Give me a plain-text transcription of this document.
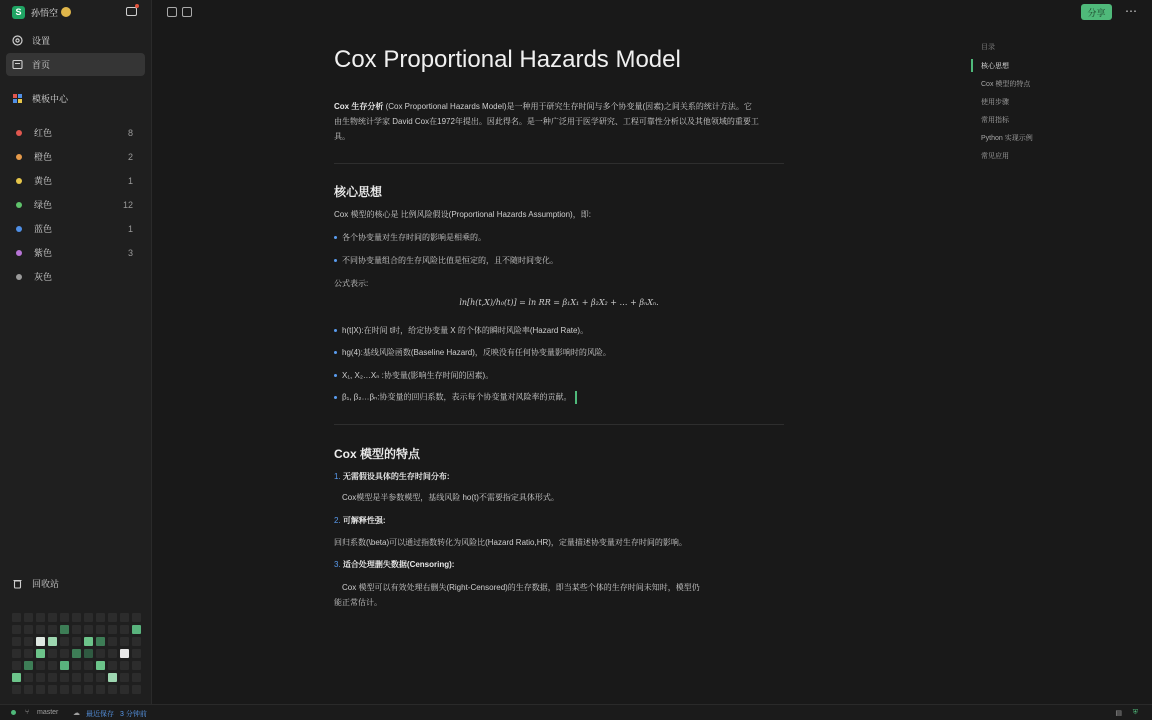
S	孙悟空
设置
首页
模板中心
红色	8
橙色	2
黄色	1
绿色	12
蓝色	1
紫色	3
灰色
回收站
分享	⋯
Cox Proportional Hazards Model
Cox 生存分析 (Cox Proportional Hazards Model)是一种用于研究生存时间与多个协变量(因素)之间关系的统计方法。它
由生物统计学家 David Cox在1972年提出。因此得名。是一种广泛用于医学研究、工程可靠性分析以及其他领域的重要工
具。
核心思想
Cox 模型的核心是 比例风险假设(Proportional Hazards Assumption)，即:
各个协变量对生存时间的影响是相乘的。
不同协变量组合的生存风险比值是恒定的，且不随时间变化。
公式表示:
ln[h(t,X)/h₀(t)] = ln RR = β₁X₁ + β₂X₂ + … + βₙXₙ.
h(t|X):在时间 t时，给定协变量 X 的个体的瞬时风险率(Hazard Rate)。
hg(4):基线风险函数(Baseline Hazard)，反映没有任何协变量影响时的风险。
X₁, X₂…Xₙ :协变量(影响生存时间的因素)。
β₁, β₂…βₙ:协变量的回归系数，表示每个协变量对风险率的贡献。
Cox 模型的特点
1. 无需假设具体的生存时间分布:
Cox模型是半参数模型，基线风险 ho(t)不需要指定具体形式。
2. 可解释性强:
回归系数(\beta)可以通过指数转化为风险比(Hazard Ratio,HR)，定量描述协变量对生存时间的影响。
3. 适合处理删失数据(Censoring):
Cox 模型可以有效处理右删失(Right-Censored)的生存数据，即当某些个体的生存时间未知时，模型仍
能正常估计。
目录
核心思想
Cox 模型的特点
使用步骤
常用指标
Python 实现示例
常见应用
⑂ master ☁ 最近保存 3 分钟前	▤ ⛨
